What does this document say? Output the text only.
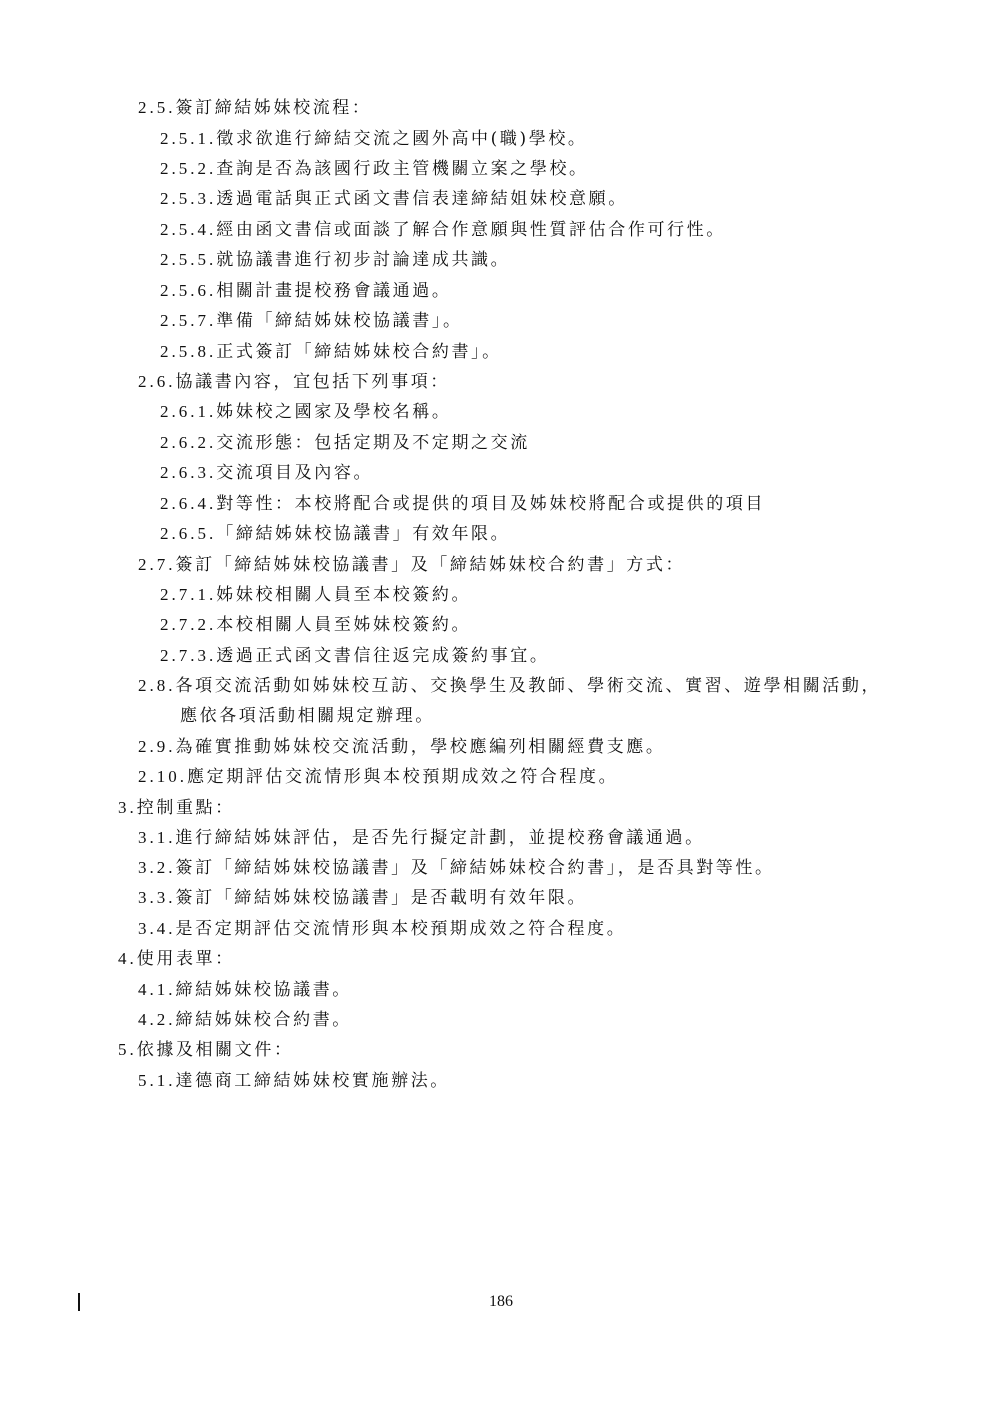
2.5.簽訂締結姊妹校流程：
2.5.1.徵求欲進行締結交流之國外高中(職)學校。
2.5.2.查詢是否為該國行政主管機關立案之學校。
2.5.3.透過電話與正式函文書信表達締結姐妹校意願。
2.5.4.經由函文書信或面談了解合作意願與性質評估合作可行性。
2.5.5.就協議書進行初步討論達成共識。
2.5.6.相關計畫提校務會議通過。
2.5.7.準備「締結姊妹校協議書」。
2.5.8.正式簽訂「締結姊妹校合約書」。
2.6.協議書內容，宜包括下列事項：
2.6.1.姊妹校之國家及學校名稱。
2.6.2.交流形態：包括定期及不定期之交流
2.6.3.交流項目及內容。
2.6.4.對等性：本校將配合或提供的項目及姊妹校將配合或提供的項目
2.6.5.「締結姊妹校協議書」有效年限。
2.7.簽訂「締結姊妹校協議書」及「締結姊妹校合約書」方式：
2.7.1.姊妹校相關人員至本校簽約。
2.7.2.本校相關人員至姊妹校簽約。
2.7.3.透過正式函文書信往返完成簽約事宜。
2.8.各項交流活動如姊妹校互訪、交換學生及教師、學術交流、實習、遊學相關活動，
應依各項活動相關規定辦理。
2.9.為確實推動姊妹校交流活動，學校應編列相關經費支應。
2.10.應定期評估交流情形與本校預期成效之符合程度。
3.控制重點：
3.1.進行締結姊妹評估，是否先行擬定計劃，並提校務會議通過。
3.2.簽訂「締結姊妹校協議書」及「締結姊妹校合約書」，是否具對等性。
3.3.簽訂「締結姊妹校協議書」是否載明有效年限。
3.4.是否定期評估交流情形與本校預期成效之符合程度。
4.使用表單：
4.1.締結姊妹校協議書。
4.2.締結姊妹校合約書。
5.依據及相關文件：
5.1.達德商工締結姊妹校實施辦法。
186
